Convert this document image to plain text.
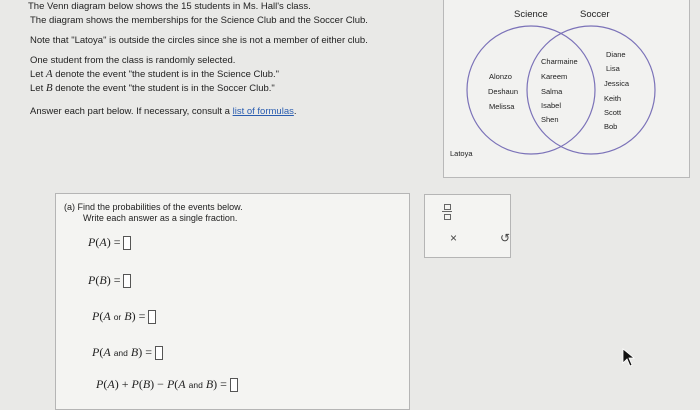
The Venn diagram below shows the 15 students in Ms. Hall's class.
The diagram shows the memberships for the Science Club and the Soccer Club.
Note that "Latoya" is outside the circles since she is not a member of either club.
One student from the class is randomly selected.
Let A denote the event "the student is in the Science Club."
Let B denote the event "the student is in the Soccer Club."
Answer each part below. If necessary, consult a list of formulas.
Science	Soccer
Alonzo
Deshaun
Melissa
Charmaine
Kareem
Salma
Isabel
Shen
Diane
Lisa
Jessica
Keith
Scott
Bob
Latoya
(a) Find the probabilities of the events below.
Write each answer as a single fraction.
P ( A ) =
P ( B ) =
P ( A or B ) =
P ( A and B ) =
P ( A ) +
P ( B ) −
P ( A and B ) =
×	↺
